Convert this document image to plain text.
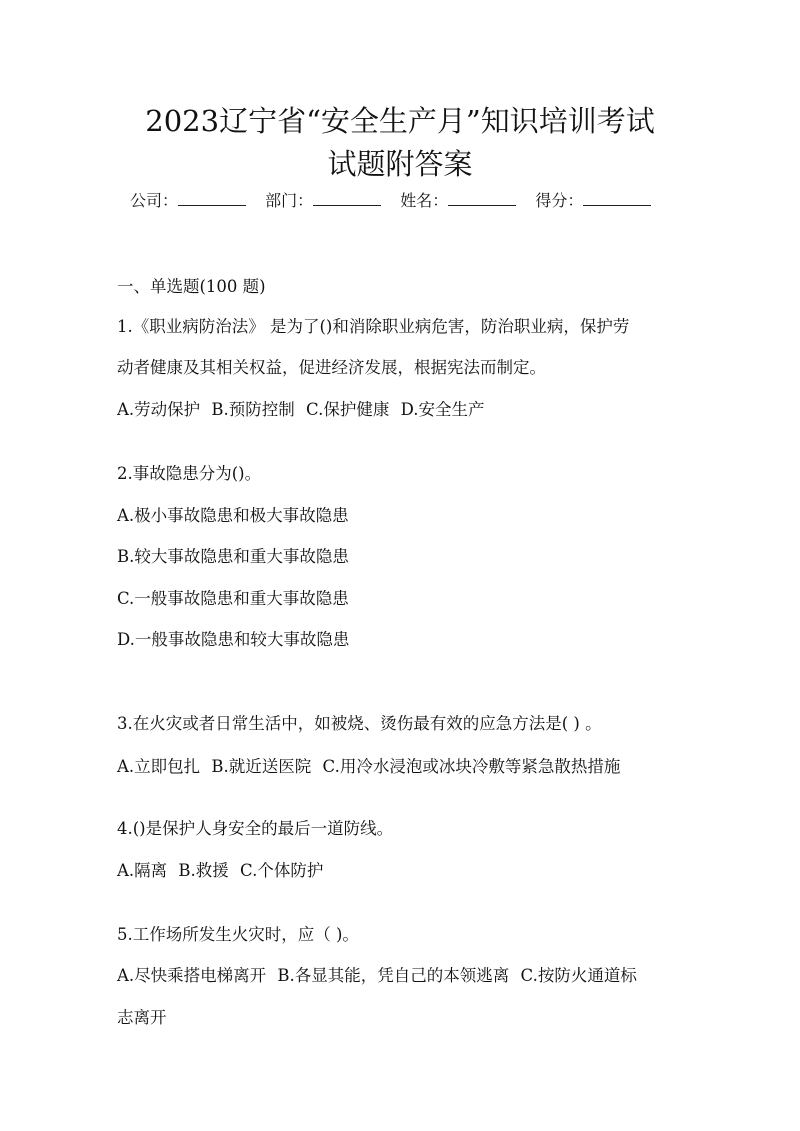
2023辽宁省“安全生产月”知识培训考试
试题附答案
公司：	部门：	姓名：	得分：
一、单选题(100 题)
1.《职业病防治法》 是为了()和消除职业病危害，防治职业病，保护劳
动者健康及其相关权益，促进经济发展，根据宪法而制定。
A.劳动保护 B.预防控制 C.保护健康 D.安全生产
2.事故隐患分为()。
A.极小事故隐患和极大事故隐患
B.较大事故隐患和重大事故隐患
C.一般事故隐患和重大事故隐患
D.一般事故隐患和较大事故隐患
3.在火灾或者日常生活中，如被烧、烫伤最有效的应急方法是( ) 。
A.立即包扎 B.就近送医院 C.用冷水浸泡或冰块冷敷等紧急散热措施
4.()是保护人身安全的最后一道防线。
A.隔离 B.救援 C.个体防护
5.工作场所发生火灾时，应（ )。
A.尽快乘搭电梯离开 B.各显其能，凭自己的本领逃离 C.按防火通道标
志离开
